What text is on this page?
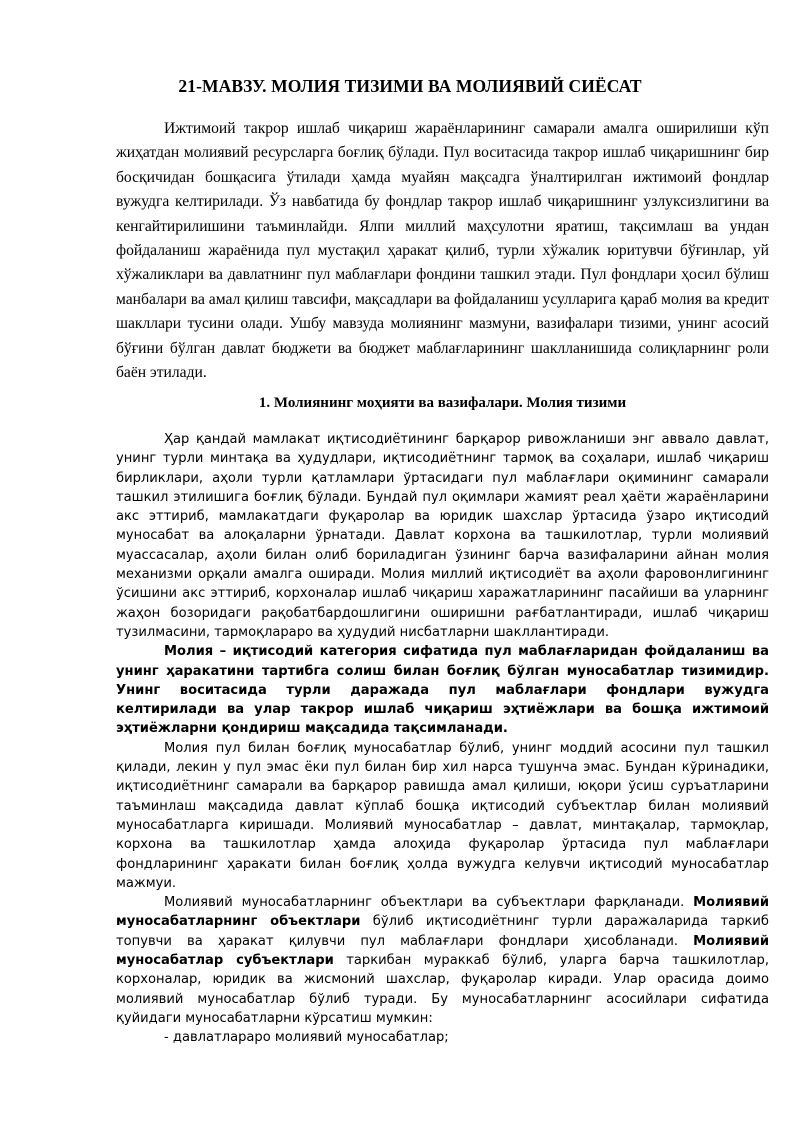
21-МАВЗУ. МОЛИЯ ТИЗИМИ ВА МОЛИЯВИЙ СИЁСАТ

Ижтимоий такрор ишлаб чиқариш жараёнларининг самарали амалга оширилиши кўп жиҳатдан молиявий ресурсларга боғлиқ бўлади. Пул воситасида такрор ишлаб чиқаришнинг бир босқичидан бошқасига ўтилади ҳамда муайян мақсадга ўналтирилган ижтимоий фондлар вужудга келтирилади. Ўз навбатида бу фондлар такрор ишлаб чиқаришнинг узлуксизлигини ва кенгайтирилишини таъминлайди. Ялпи миллий маҳсулотни яратиш, тақсимлаш ва ундан фойдаланиш жараёнида пул мустақил ҳаракат қилиб, турли хўжалик юритувчи бўғинлар, уй хўжаликлари ва давлатнинг пул маблағлари фондини ташкил этади. Пул фондлари ҳосил бўлиш манбалари ва амал қилиш тавсифи, мақсадлари ва фойдаланиш усулларига қараб молия ва кредит шакллари тусини олади. Ушбу мавзуда молиянинг мазмуни, вазифалари тизими, унинг асосий бўғини бўлган давлат бюджети ва бюджет маблағларининг шаклланишида солиқларнинг роли баён этилади.

1. Молиянинг моҳияти ва вазифалари. Молия тизими

Ҳар қандай мамлакат иқтисодиётининг барқарор ривожланиши энг аввало давлат, унинг турли минтақа ва ҳудудлари, иқтисодиётнинг тармоқ ва соҳалари, ишлаб чиқариш бирликлари, аҳоли турли қатламлари ўртасидаги пул маблағлари оқимининг самарали ташкил этилишига боғлиқ бўлади. Бундай пул оқимлари жамият реал ҳаёти жараёнларини акс эттириб, мамлакатдаги фуқаролар ва юридик шахслар ўртасида ўзаро иқтисодий муносабат ва алоқаларни ўрнатади. Давлат корхона ва ташкилотлар, турли молиявий муассасалар, аҳоли билан олиб бориладиган ўзининг барча вазифаларини айнан молия механизми орқали амалга оширади. Молия миллий иқтисодиёт ва аҳоли фаровонлигининг ўсишини акс эттириб, корхоналар ишлаб чиқариш харажатларининг пасайиши ва уларнинг жаҳон бозоридаги рақобатбардошлигини оширишни рағбатлантиради, ишлаб чиқариш тузилмасини, тармоқлараро ва ҳудудий нисбатларни шакллантиради.

Молия – иқтисодий категория сифатида пул маблағларидан фойдаланиш ва унинг ҳаракатини тартибга солиш билан боғлиқ бўлган муносабатлар тизимидир. Унинг воситасида турли даражада пул маблағлари фондлари вужудга келтирилади ва улар такрор ишлаб чиқариш эҳтиёжлари ва бошқа ижтимоий эҳтиёжларни қондириш мақсадида тақсимланади.

Молия пул билан боғлиқ муносабатлар бўлиб, унинг моддий асосини пул ташкил қилади, лекин у пул эмас ёки пул билан бир хил нарса тушунча эмас. Бундан кўринадики, иқтисодиётнинг самарали ва барқарор равишда амал қилиши, юқори ўсиш суръатларини таъминлаш мақсадида давлат кўплаб бошқа иқтисодий субъектлар билан молиявий муносабатларга киришади. Молиявий муносабатлар – давлат, минтақалар, тармоқлар, корхона ва ташкилотлар ҳамда алоҳида фуқаролар ўртасида пул маблағлари фондларининг ҳаракати билан боғлиқ ҳолда вужудга келувчи иқтисодий муносабатлар мажмуи.

Молиявий муносабатларнинг объектлари ва субъектлари фарқланади. Молиявий муносабатларнинг объектлари бўлиб иқтисодиётнинг турли даражаларида таркиб топувчи ва ҳаракат қилувчи пул маблағлари фондлари ҳисобланади. Молиявий муносабатлар субъектлари таркибан мураккаб бўлиб, уларга барча ташкилотлар, корхоналар, юридик ва жисмоний шахслар, фуқаролар киради. Улар орасида доимо молиявий муносабатлар бўлиб туради. Бу муносабатларнинг асосийлари сифатида қуйидаги муносабатларни кўрсатиш мумкин:

- давлатлараро молиявий муносабатлар;
